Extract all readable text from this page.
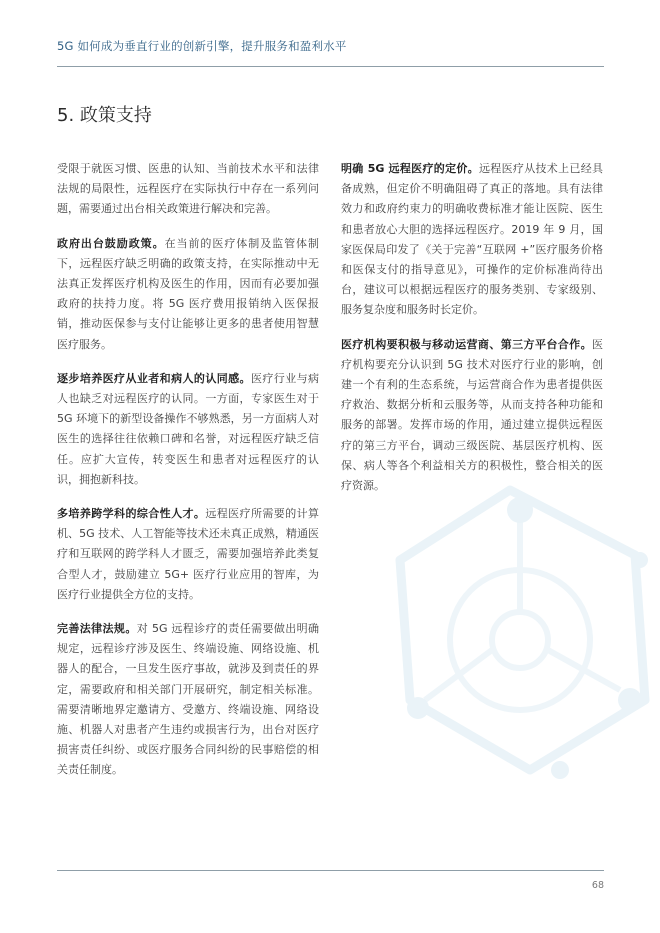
5G 如何成为垂直行业的创新引擎，提升服务和盈利水平
5. 政策支持

受限于就医习惯、医患的认知、当前技术水平和法律法规的局限性，远程医疗在实际执行中存在一系列问题，需要通过出台相关政策进行解决和完善。

政府出台鼓励政策。在当前的医疗体制及监管体制下，远程医疗缺乏明确的政策支持，在实际推动中无法真正发挥医疗机构及医生的作用，因而有必要加强政府的扶持力度。将 5G 医疗费用报销纳入医保报销，推动医保参与支付让能够让更多的患者使用智慧医疗服务。

逐步培养医疗从业者和病人的认同感。医疗行业与病人也缺乏对远程医疗的认同。一方面，专家医生对于 5G 环境下的新型设备操作不够熟悉，另一方面病人对医生的选择往往依赖口碑和名誉，对远程医疗缺乏信任。应扩大宣传，转变医生和患者对远程医疗的认识，拥抱新科技。

多培养跨学科的综合性人才。远程医疗所需要的计算机、5G 技术、人工智能等技术还未真正成熟，精通医疗和互联网的跨学科人才匮乏，需要加强培养此类复合型人才，鼓励建立 5G+ 医疗行业应用的智库，为医疗行业提供全方位的支持。

完善法律法规。对 5G 远程诊疗的责任需要做出明确规定，远程诊疗涉及医生、终端设施、网络设施、机器人的配合，一旦发生医疗事故，就涉及到责任的界定，需要政府和相关部门开展研究，制定相关标准。需要清晰地界定邀请方、受邀方、终端设施、网络设施、机器人对患者产生违约或损害行为，出台对医疗损害责任纠纷、或医疗服务合同纠纷的民事赔偿的相关责任制度。

明确 5G 远程医疗的定价。远程医疗从技术上已经具备成熟，但定价不明确阻碍了真正的落地。具有法律效力和政府约束力的明确收费标准才能让医院、医生和患者放心大胆的选择远程医疗。2019 年 9 月，国家医保局印发了《关于完善“互联网 +”医疗服务价格和医保支付的指导意见》，可操作的定价标准尚待出台，建议可以根据远程医疗的服务类别、专家级别、服务复杂度和服务时长定价。

医疗机构要积极与移动运营商、第三方平台合作。医疗机构要充分认识到 5G 技术对医疗行业的影响，创建一个有利的生态系统，与运营商合作为患者提供医疗救治、数据分析和云服务等，从而支持各种功能和服务的部署。发挥市场的作用，通过建立提供远程医疗的第三方平台，调动三级医院、基层医疗机构、医保、病人等各个利益相关方的积极性，整合相关的医疗资源。

68
